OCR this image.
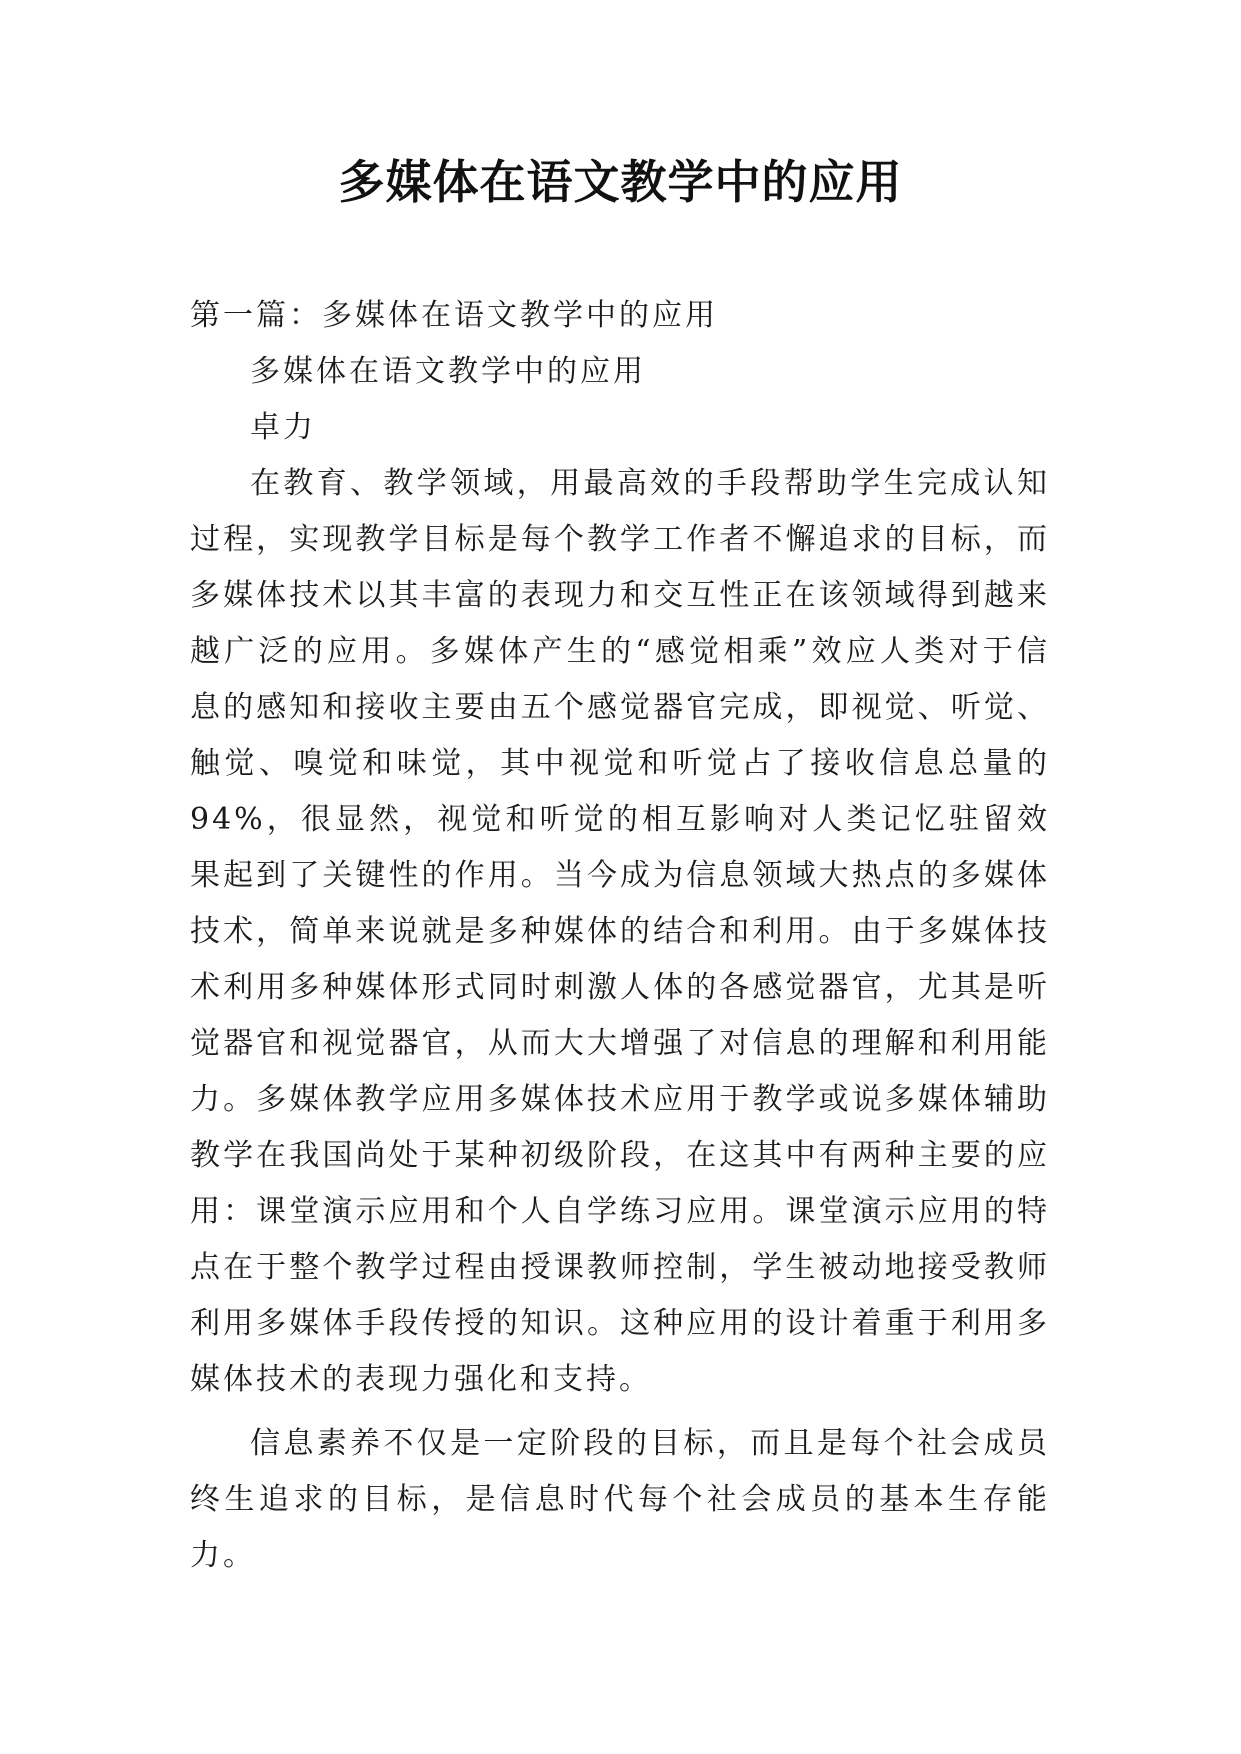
多媒体在语文教学中的应用

第一篇：多媒体在语文教学中的应用

多媒体在语文教学中的应用

卓力

在教育、教学领域，用最高效的手段帮助学生完成认知过程，实现教学目标是每个教学工作者不懈追求的目标，而多媒体技术以其丰富的表现力和交互性正在该领域得到越来越广泛的应用。多媒体产生的“感觉相乘”效应人类对于信息的感知和接收主要由五个感觉器官完成，即视觉、听觉、触觉、嗅觉和味觉，其中视觉和听觉占了接收信息总量的94%，很显然，视觉和听觉的相互影响对人类记忆驻留效果起到了关键性的作用。当今成为信息领域大热点的多媒体技术，简单来说就是多种媒体的结合和利用。由于多媒体技术利用多种媒体形式同时刺激人体的各感觉器官，尤其是听觉器官和视觉器官，从而大大增强了对信息的理解和利用能力。多媒体教学应用多媒体技术应用于教学或说多媒体辅助教学在我国尚处于某种初级阶段，在这其中有两种主要的应用：课堂演示应用和个人自学练习应用。课堂演示应用的特点在于整个教学过程由授课教师控制，学生被动地接受教师利用多媒体手段传授的知识。这种应用的设计着重于利用多媒体技术的表现力强化和支持。

信息素养不仅是一定阶段的目标，而且是每个社会成员终生追求的目标，是信息时代每个社会成员的基本生存能力。
